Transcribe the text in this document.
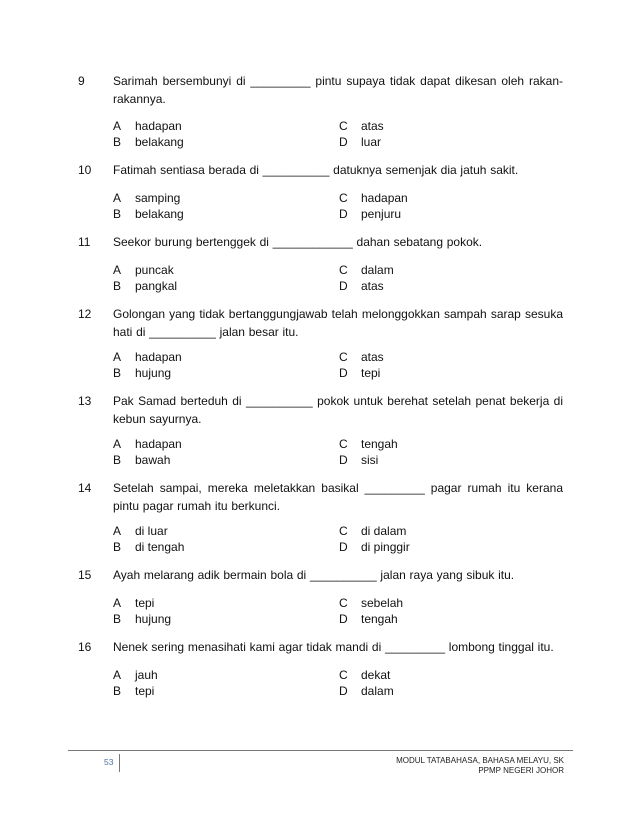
9 Sarimah bersembunyi di _________ pintu supaya tidak dapat dikesan oleh rakan-rakannya.
A hadapan
B belakang
C atas
D luar
10 Fatimah sentiasa berada di __________ datuknya semenjak dia jatuh sakit.
A samping
B belakang
C hadapan
D penjuru
11 Seekor burung bertenggek di ____________ dahan sebatang pokok.
A puncak
B pangkal
C dalam
D atas
12 Golongan yang tidak bertanggungjawab telah melonggokkan sampah sarap sesuka hati di __________ jalan besar itu.
A hadapan
B hujung
C atas
D tepi
13 Pak Samad berteduh di __________ pokok untuk berehat setelah penat bekerja di kebun sayurnya.
A hadapan
B bawah
C tengah
D sisi
14 Setelah sampai, mereka meletakkan basikal _________ pagar rumah itu kerana pintu pagar rumah itu berkunci.
A di luar
B di tengah
C di dalam
D di pinggir
15 Ayah melarang adik bermain bola di __________ jalan raya yang sibuk itu.
A tepi
B hujung
C sebelah
D tengah
16 Nenek sering menasihati kami agar tidak mandi di _________ lombong tinggal itu.
A jauh
B tepi
C dekat
D dalam
53	MODUL TATABAHASA, BAHASA MELAYU, SK
PPMP NEGERI JOHOR
